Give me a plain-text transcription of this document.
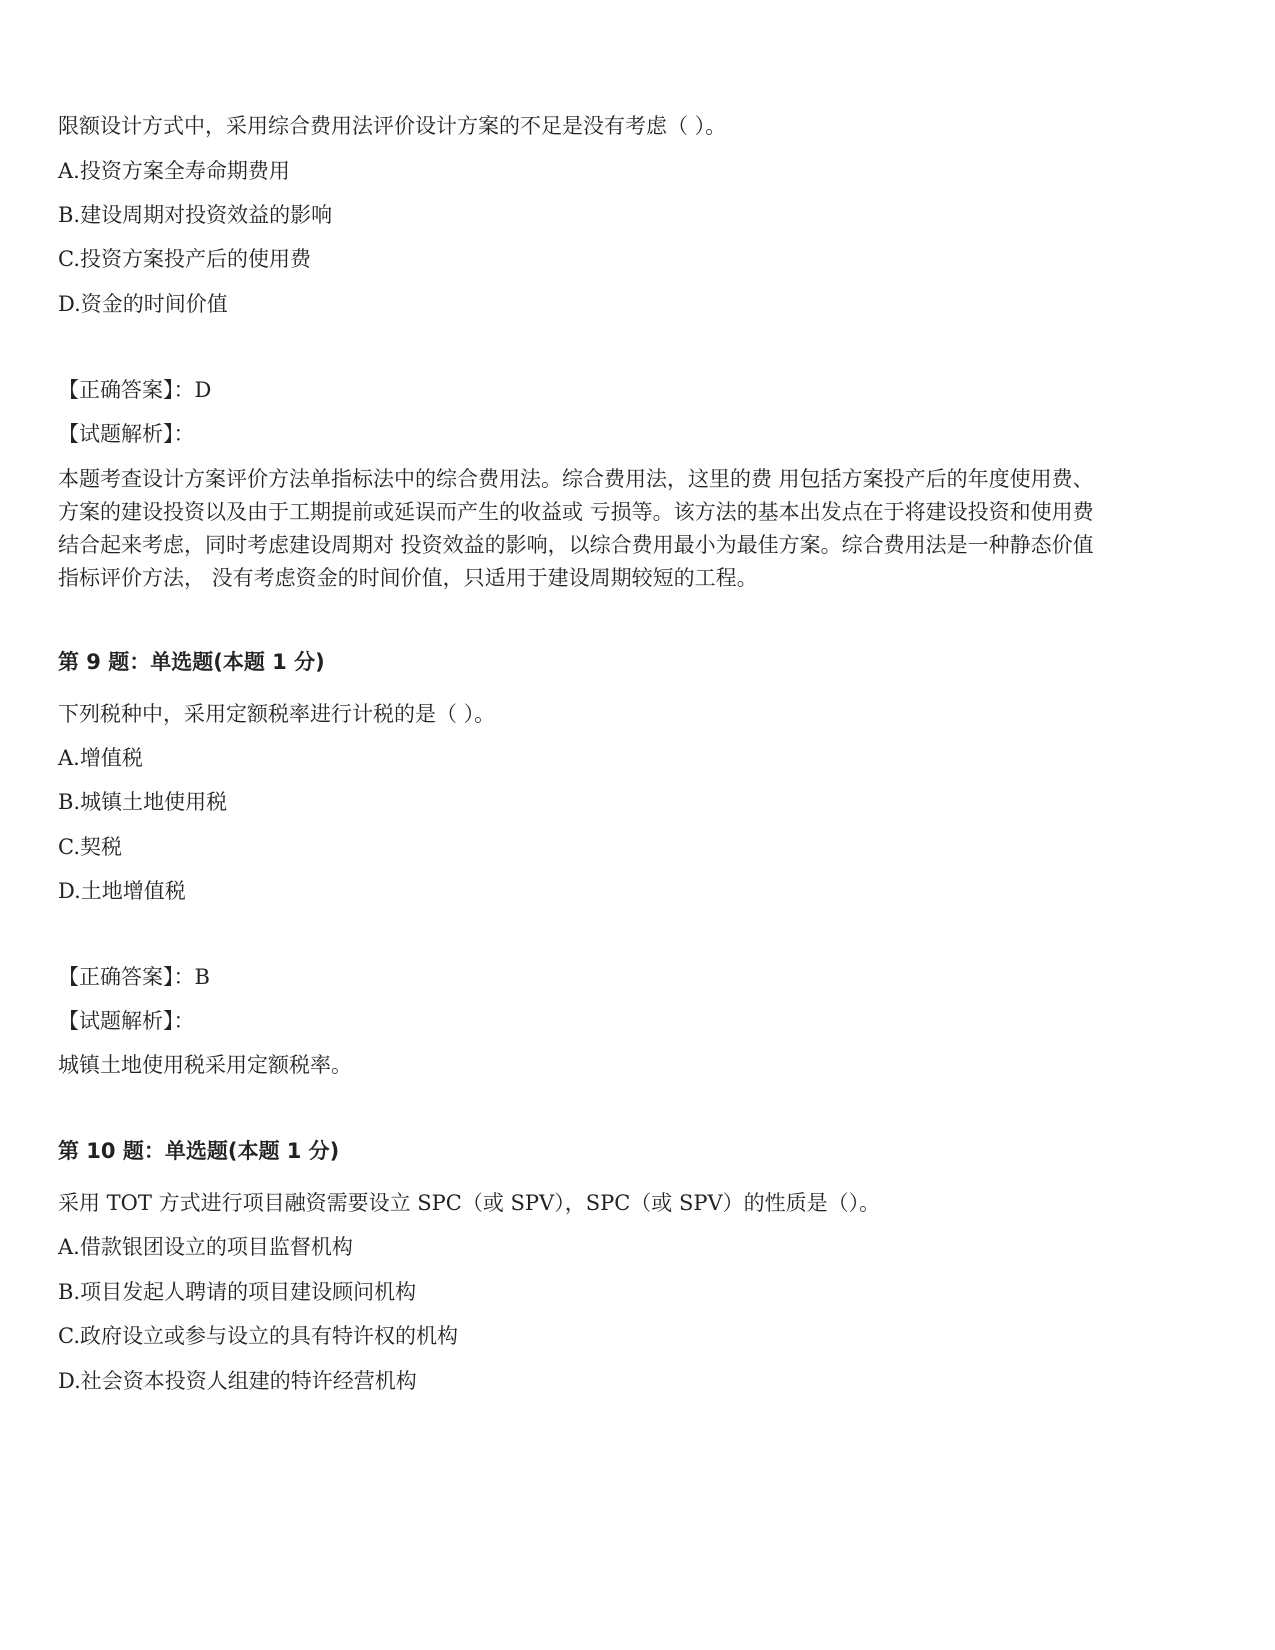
限额设计方式中，采用综合费用法评价设计方案的不足是没有考虑（ ）。
A.投资方案全寿命期费用
B.建设周期对投资效益的影响
C.投资方案投产后的使用费
D.资金的时间价值
【正确答案】：D
【试题解析】：
本题考查设计方案评价方法单指标法中的综合费用法。综合费用法，这里的费 用包括方案投产后的年度使用费、
方案的建设投资以及由于工期提前或延误而产生的收益或 亏损等。该方法的基本出发点在于将建设投资和使用费
结合起来考虑，同时考虑建设周期对 投资效益的影响，以综合费用最小为最佳方案。综合费用法是一种静态价值
指标评价方法， 没有考虑资金的时间价值，只适用于建设周期较短的工程。
第 9 题：单选题(本题 1 分)
下列税种中，采用定额税率进行计税的是（ ）。
A.增值税
B.城镇土地使用税
C.契税
D.土地增值税
【正确答案】：B
【试题解析】：
城镇土地使用税采用定额税率。
第 10 题：单选题(本题 1 分)
采用 TOT 方式进行项目融资需要设立 SPC（或 SPV），SPC（或 SPV）的性质是（）。
A.借款银团设立的项目监督机构
B.项目发起人聘请的项目建设顾问机构
C.政府设立或参与设立的具有特许权的机构
D.社会资本投资人组建的特许经营机构
